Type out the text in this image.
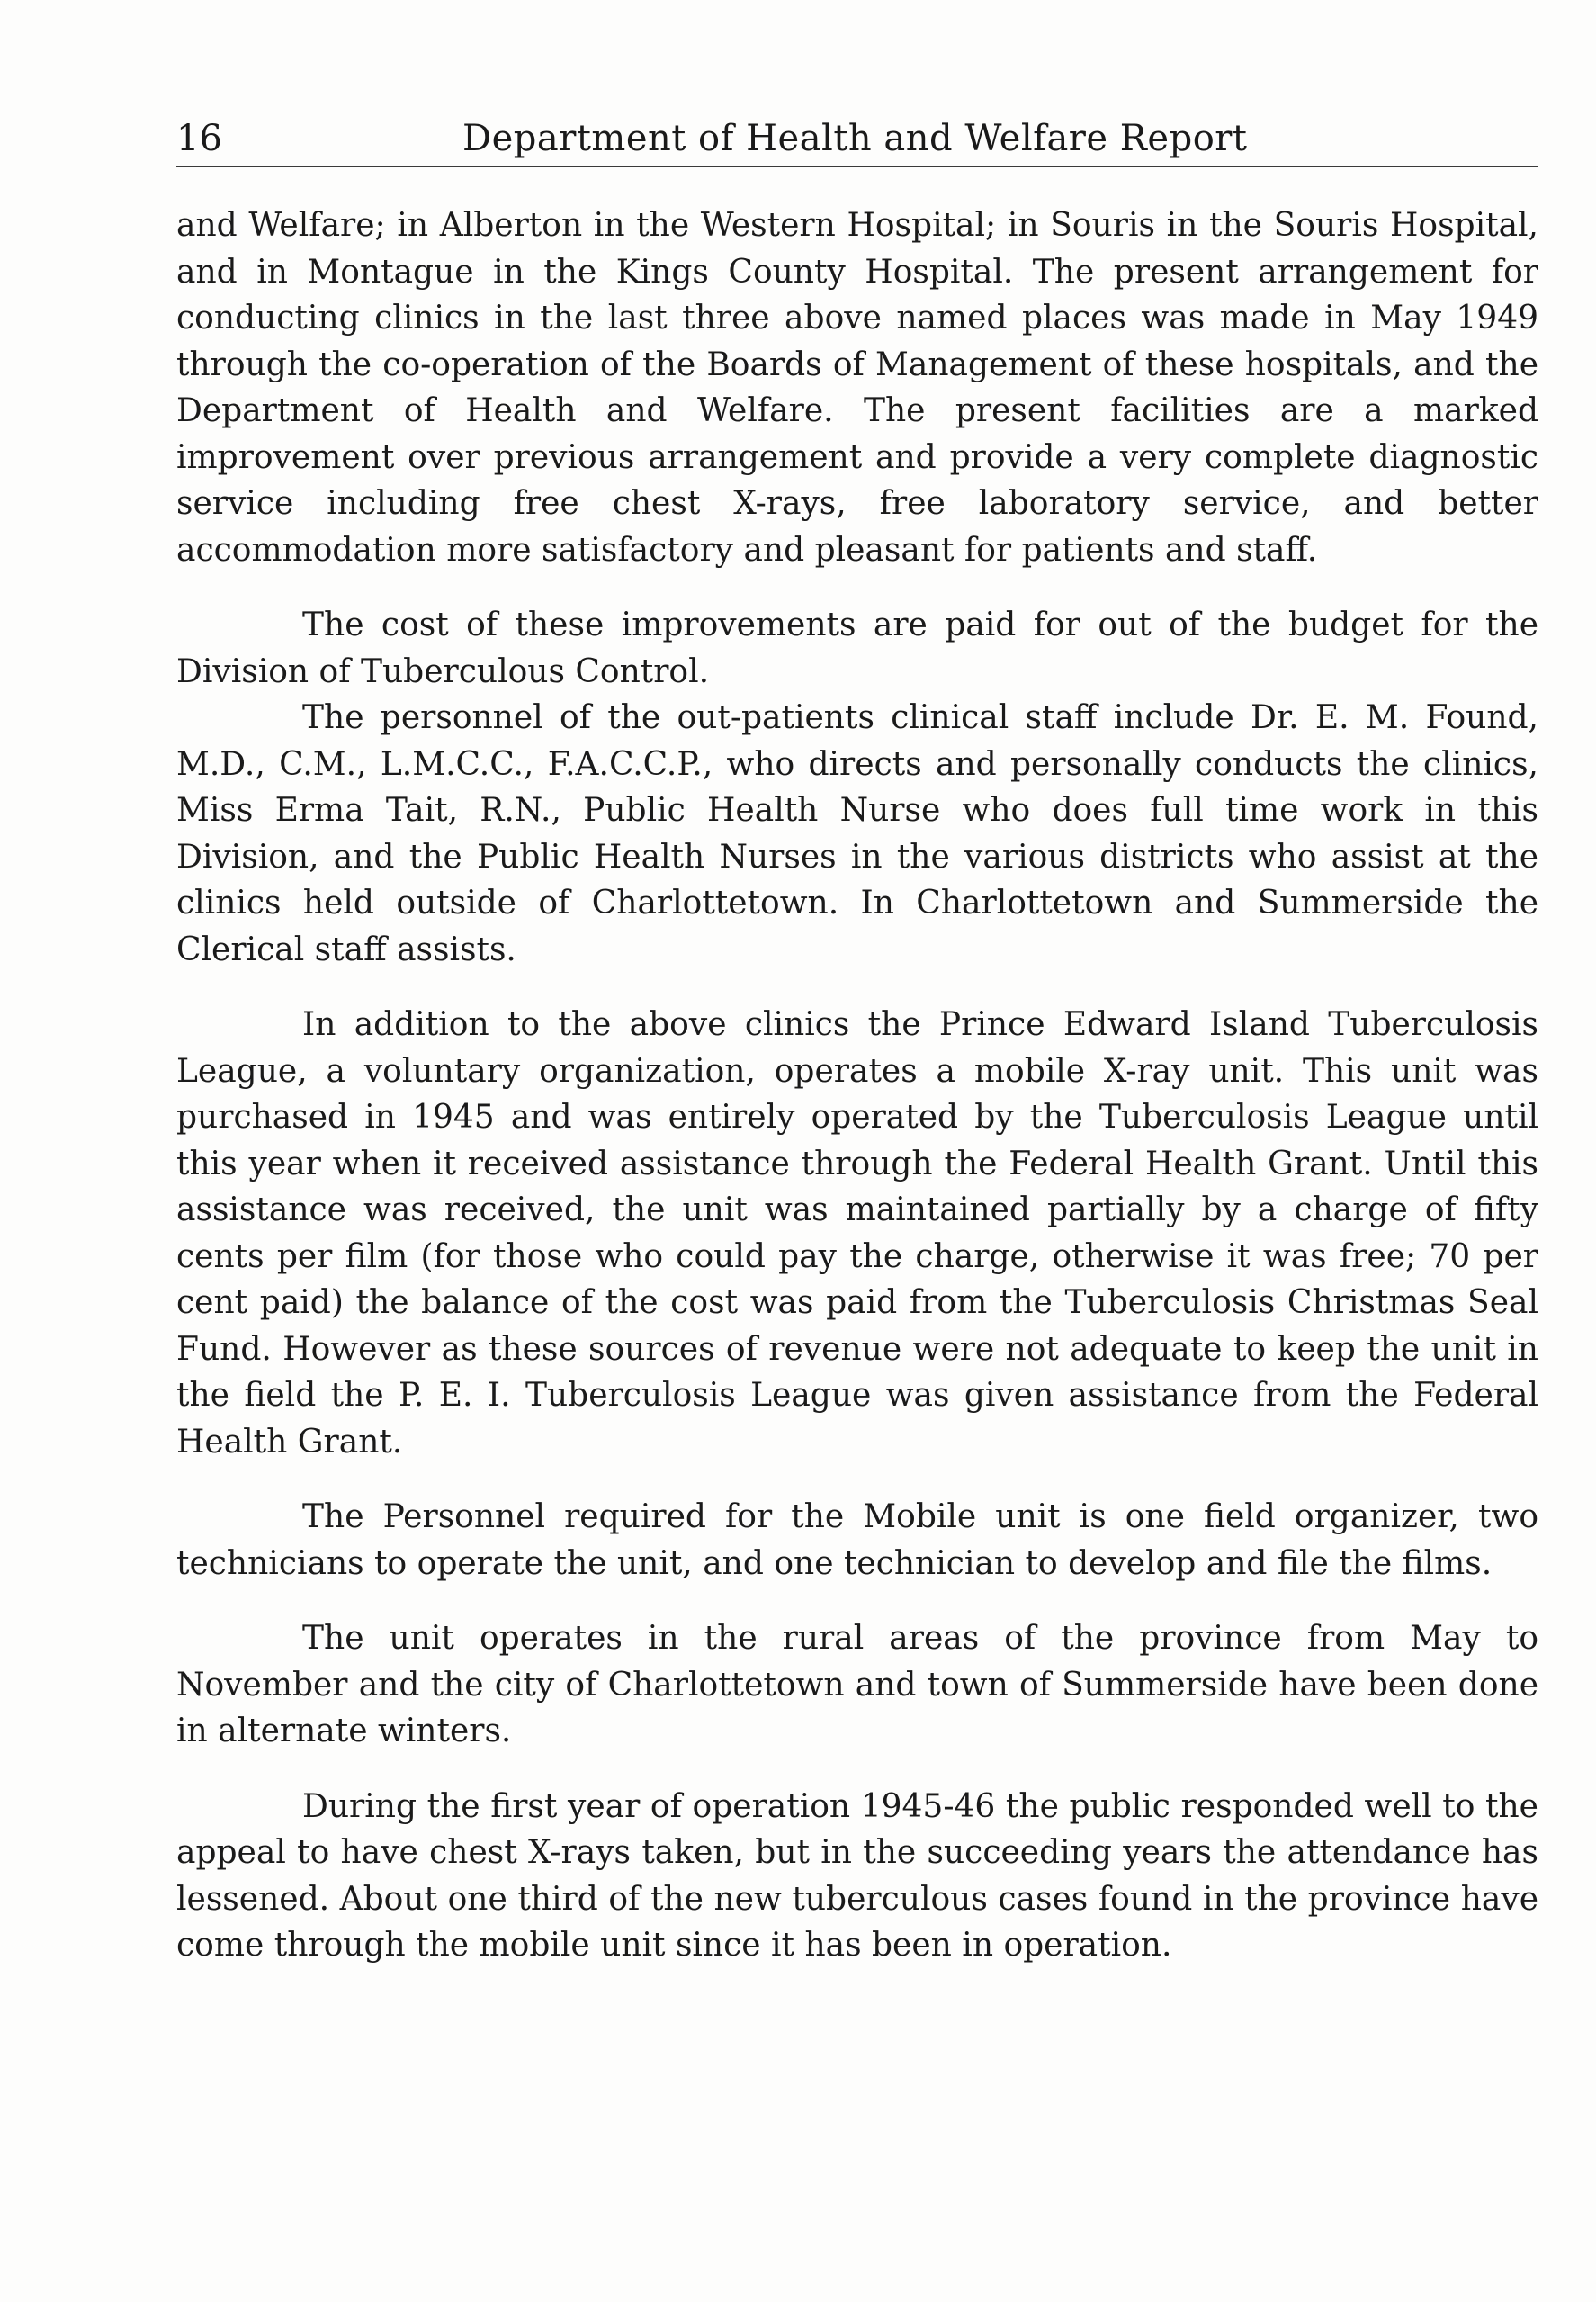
16	Department of Health and Welfare Report

and Welfare; in Alberton in the Western Hospital; in Souris in the Souris Hospital, and in Montague in the Kings County Hospital. The present arrangement for conducting clinics in the last three above named places was made in May 1949 through the co-operation of the Boards of Management of these hospitals, and the Department of Health and Welfare. The present facilities are a marked improvement over previous arrangement and provide a very complete diagnostic service including free chest X-rays, free laboratory service, and better accommodation more satisfactory and pleasant for patients and staff.

The cost of these improvements are paid for out of the budget for the Division of Tuberculous Control.

The personnel of the out-patients clinical staff include Dr. E. M. Found, M.D., C.M., L.M.C.C., F.A.C.C.P., who directs and personally conducts the clinics, Miss Erma Tait, R.N., Public Health Nurse who does full time work in this Division, and the Public Health Nurses in the various districts who assist at the clinics held outside of Charlottetown. In Charlottetown and Summerside the Clerical staff assists.

In addition to the above clinics the Prince Edward Island Tuberculosis League, a voluntary organization, operates a mobile X-ray unit. This unit was purchased in 1945 and was entirely operated by the Tuberculosis League until this year when it received assistance through the Federal Health Grant. Until this assistance was received, the unit was maintained partially by a charge of fifty cents per film (for those who could pay the charge, otherwise it was free; 70 per cent paid) the balance of the cost was paid from the Tuberculosis Christmas Seal Fund. However as these sources of revenue were not adequate to keep the unit in the field the P. E. I. Tuberculosis League was given assistance from the Federal Health Grant.

The Personnel required for the Mobile unit is one field organizer, two technicians to operate the unit, and one technician to develop and file the films.

The unit operates in the rural areas of the province from May to November and the city of Charlottetown and town of Summerside have been done in alternate winters.

During the first year of operation 1945-46 the public responded well to the appeal to have chest X-rays taken, but in the succeeding years the attendance has lessened. About one third of the new tuberculous cases found in the province have come through the mobile unit since it has been in operation.
